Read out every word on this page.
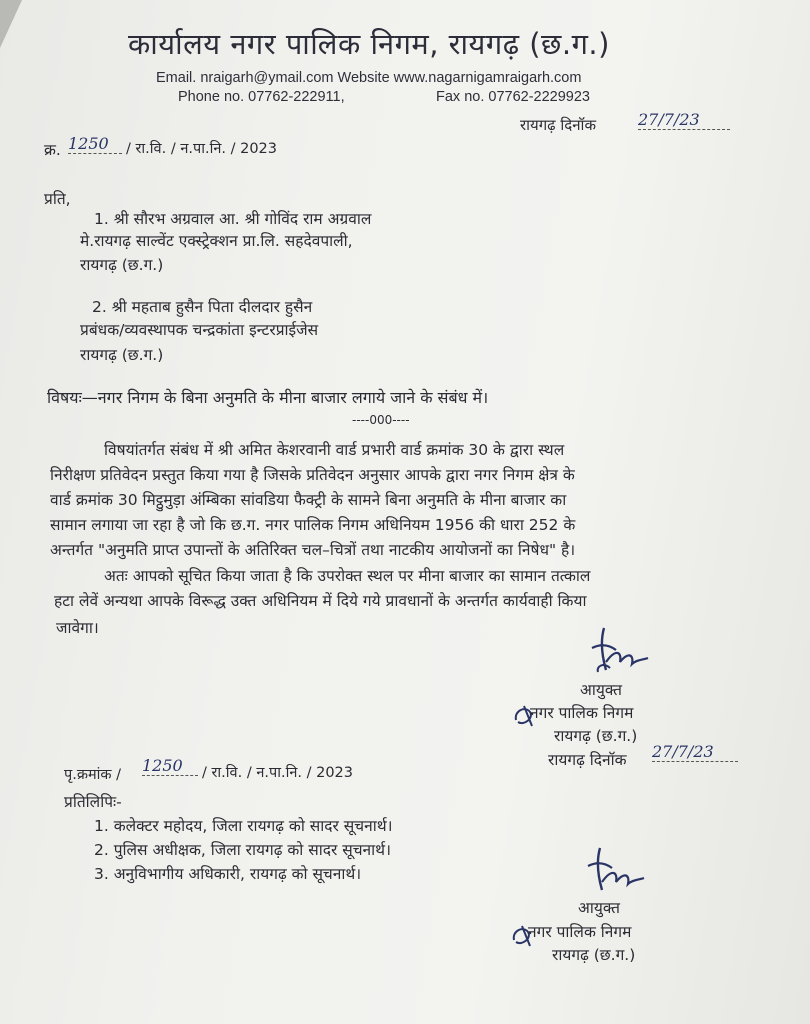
कार्यालय नगर पालिक निगम, रायगढ़ (छ.ग.)
Email. nraigarh@ymail.com Website www.nagarnigamraigarh.com
Phone no. 07762-222911,	Fax no. 07762-2229923
क्र. 1250	/ रा.वि. / न.पा.नि. / 2023
रायगढ़ दिनॉक	27/7/23
प्रति,
1. श्री सौरभ अग्रवाल आ. श्री गोविंद राम अग्रवाल
मे.रायगढ़ साल्वेंट एक्स्ट्रेक्शन प्रा.लि. सहदेवपाली,
रायगढ़ (छ.ग.)
2. श्री महताब हुसैन पिता दीलदार हुसैन
प्रबंधक/व्यवस्थापक चन्द्रकांता इन्टरप्राईजेस
रायगढ़ (छ.ग.)
विषयः—नगर निगम के बिना अनुमति के मीना बाजार लगाये जाने के संबंध में।
----000----
विषयांतर्गत संबंध में श्री अमित केशरवानी वार्ड प्रभारी वार्ड क्रमांक 30 के द्वारा स्थल
निरीक्षण प्रतिवेदन प्रस्तुत किया गया है जिसके प्रतिवेदन अनुसार आपके द्वारा नगर निगम क्षेत्र के
वार्ड क्रमांक 30 मिट्ठुमुड़ा अंम्बिका सांवडिया फैक्ट्री के सामने बिना अनुमति के मीना बाजार का
सामान लगाया जा रहा है जो कि छ.ग. नगर पालिक निगम अधिनियम 1956 की धारा 252 के
अन्तर्गत "अनुमति प्राप्त उपान्तों के अतिरिक्त चल–चित्रों तथा नाटकीय आयोजनों का निषेध" है।
अतः आपको सूचित किया जाता है कि उपरोक्त स्थल पर मीना बाजार का सामान तत्काल
हटा लेवें अन्यथा आपके विरूद्ध उक्त अधिनियम में दिये गये प्रावधानों के अन्तर्गत कार्यवाही किया
जावेगा।
आयुक्त
नगर पालिक निगम
रायगढ़ (छ.ग.)
रायगढ़ दिनॉक 27/7/23
पृ.क्रमांक / 1250	/ रा.वि. / न.पा.नि. / 2023
प्रतिलिपिः-
1. कलेक्टर महोदय, जिला रायगढ़ को सादर सूचनार्थ।
2. पुलिस अधीक्षक, जिला रायगढ़ को सादर सूचनार्थ।
3. अनुविभागीय अधिकारी, रायगढ़ को सूचनार्थ।
आयुक्त
नगर पालिक निगम
रायगढ़ (छ.ग.)
